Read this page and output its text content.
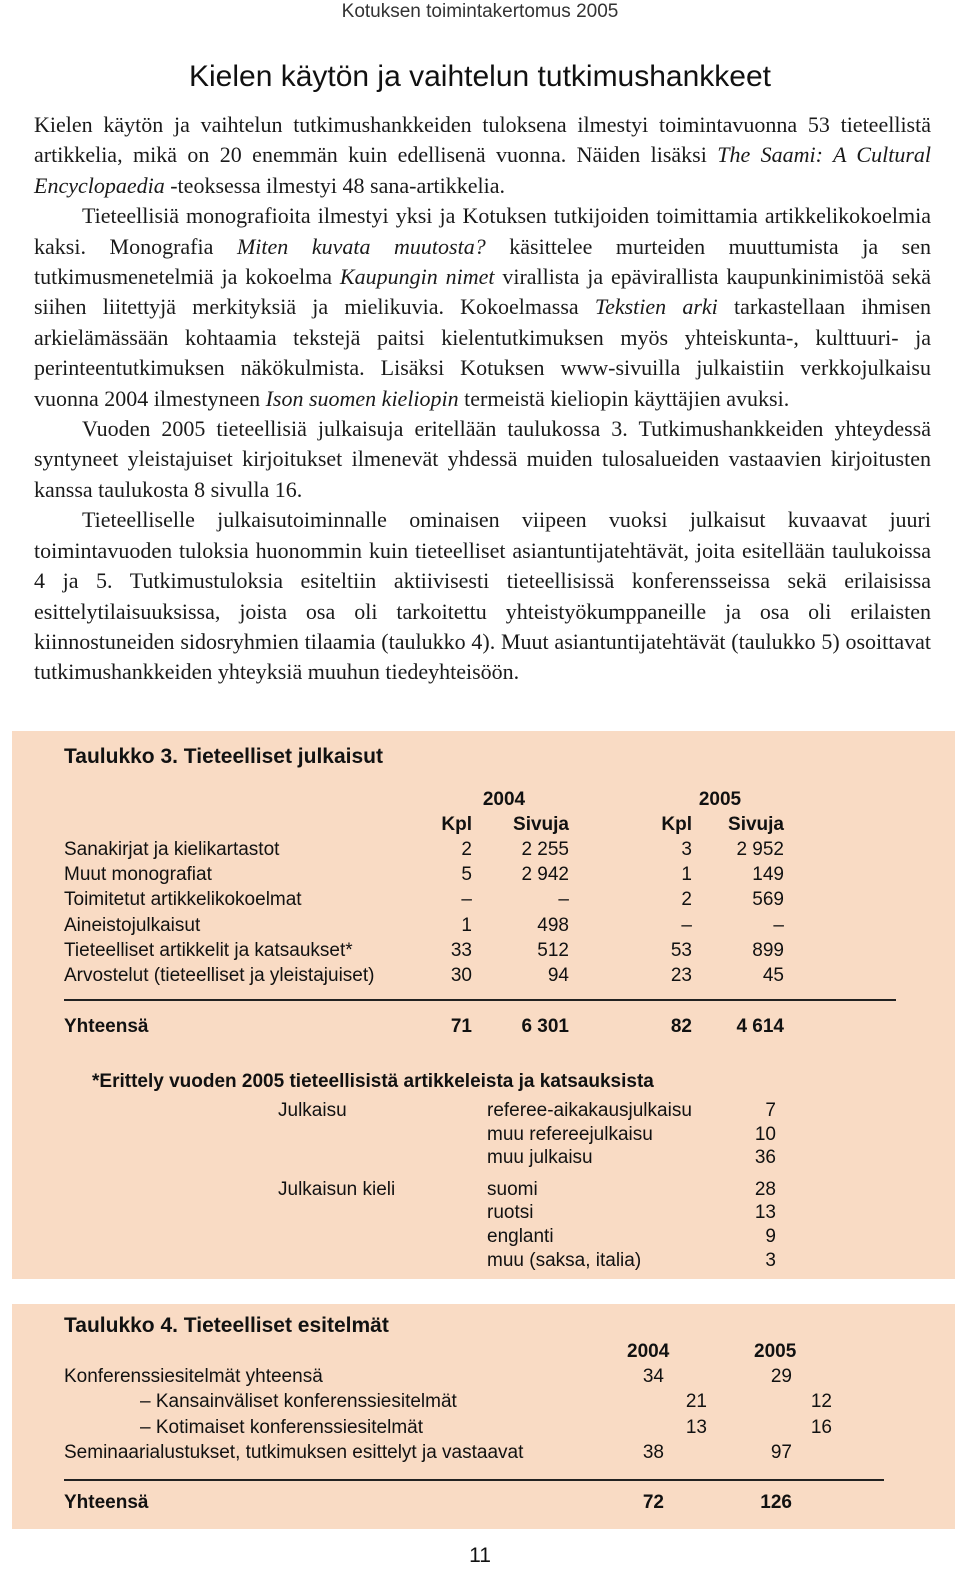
Kotuksen toimintakertomus 2005
Kielen käytön ja vaihtelun tutkimushankkeet

Kielen käytön ja vaihtelun tutkimushankkeiden tuloksena ilmestyi toimintavuonna 53 tieteellistä artikkelia, mikä on 20 enemmän kuin edellisenä vuonna. Näiden lisäksi The Saami: A Cultural Encyclopaedia -teoksessa ilmestyi 48 sana-artikkelia.

Tieteellisiä monografioita ilmestyi yksi ja Kotuksen tutkijoiden toimittamia artikkelikokoelmia kaksi. Monografia Miten kuvata muutosta? käsittelee murteiden muuttumista ja sen tutkimusmenetelmiä ja kokoelma Kaupungin nimet virallista ja epävirallista kaupunkinimistöä sekä siihen liitettyjä merkityksiä ja mielikuvia. Kokoelmassa Tekstien arki tarkastellaan ihmisen arkielämässään kohtaamia tekstejä paitsi kielentutkimuksen myös yhteiskunta-, kulttuuri- ja perinteentutkimuksen näkökulmista. Lisäksi Kotuksen www-sivuilla julkaistiin verkkojulkaisu vuonna 2004 ilmestyneen Ison suomen kieliopin termeistä kieliopin käyttäjien avuksi.

Vuoden 2005 tieteellisiä julkaisuja eritellään taulukossa 3. Tutkimushankkeiden yhteydessä syntyneet yleistajuiset kirjoitukset ilmenevät yhdessä muiden tulosalueiden vastaavien kirjoitusten kanssa taulukosta 8 sivulla 16.

Tieteelliselle julkaisutoiminnalle ominaisen viipeen vuoksi julkaisut kuvaavat juuri toimintavuoden tuloksia huonommin kuin tieteelliset asiantuntijatehtävät, joita esitellään taulukoissa 4 ja 5. Tutkimustuloksia esiteltiin aktiivisesti tieteellisissä konferensseissa sekä erilaisissa esittelytilaisuuksissa, joista osa oli tarkoitettu yhteistyökumppaneille ja osa oli erilaisten kiinnostuneiden sidosryhmien tilaamia (taulukko 4). Muut asiantuntijatehtävät (taulukko 5) osoittavat tutkimushankkeiden yhteyksiä muuhun tiedeyhteisöön.

Taulukko 3. Tieteelliset julkaisut
2004	2005
Kpl	Sivuja	Kpl	Sivuja
Sanakirjat ja kielikartastot	2	2 255	3	2 952
Muut monografiat	5	2 942	1	149
Toimitetut artikkelikokoelmat	–	–	2	569
Aineistojulkaisut	1	498	–	–
Tieteelliset artikkelit ja katsaukset*	33	512	53	899
Arvostelut (tieteelliset ja yleistajuiset)	30	94	23	45
Yhteensä	71	6 301	82	4 614
*Erittely vuoden 2005 tieteellisistä artikkeleista ja katsauksista
Julkaisu	referee-aikakausjulkaisu	7
muu refereejulkaisu	10
muu julkaisu	36
Julkaisun kieli	suomi	28
ruotsi	13
englanti	9
muu (saksa, italia)	3
Taulukko 4. Tieteelliset esitelmät
2004	2005
Konferenssiesitelmät yhteensä	34	29
– Kansainväliset konferenssiesitelmät	21	12
– Kotimaiset konferenssiesitelmät	13	16
Seminaarialustukset, tutkimuksen esittelyt ja vastaavat	38	97
Yhteensä	72	126
11
